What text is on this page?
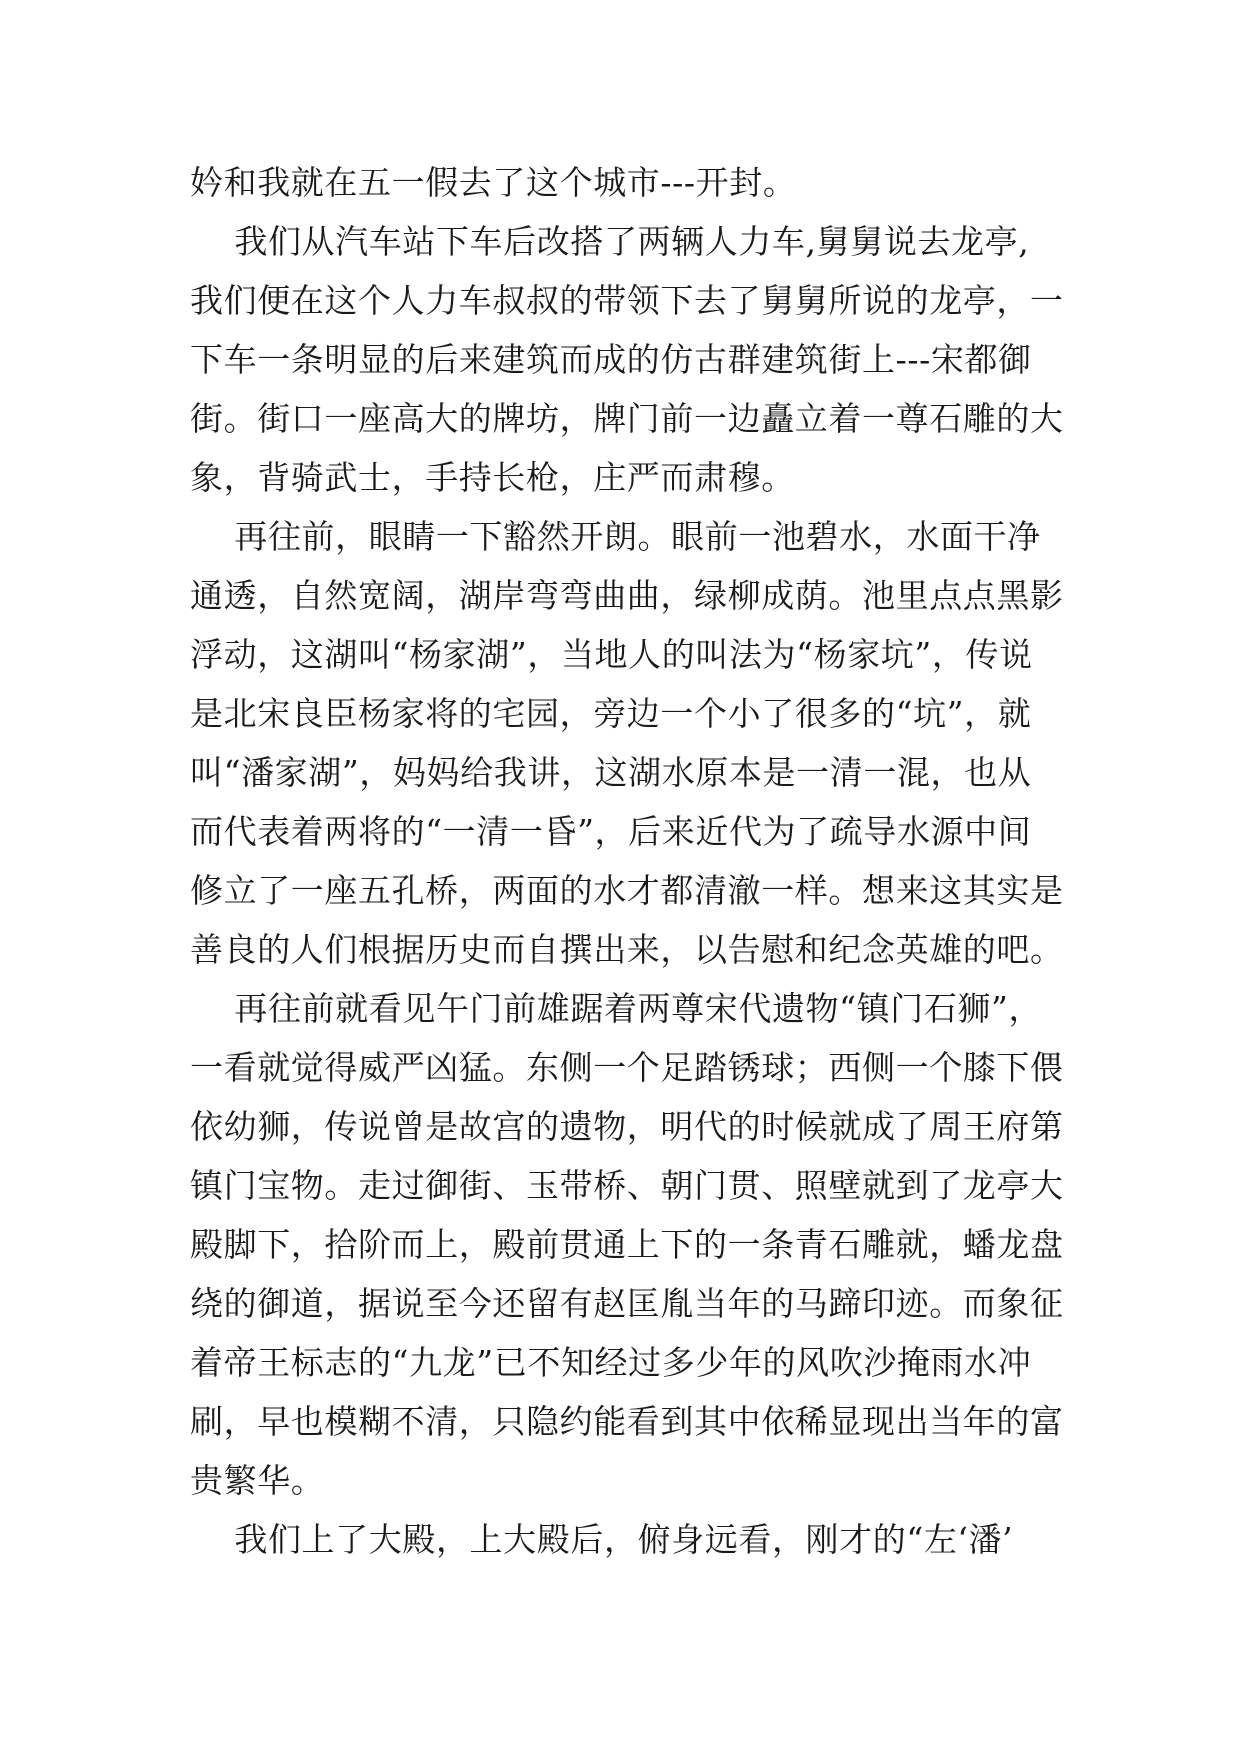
妗和我就在五一假去了这个城市---开封。

我们从汽车站下车后改搭了两辆人力车,舅舅说去龙亭,

我们便在这个人力车叔叔的带领下去了舅舅所说的龙亭，一

下车一条明显的后来建筑而成的仿古群建筑街上---宋都御

街。街口一座高大的牌坊，牌门前一边矗立着一尊石雕的大

象，背骑武士，手持长枪，庄严而肃穆。

再往前，眼睛一下豁然开朗。眼前一池碧水，水面干净

通透，自然宽阔，湖岸弯弯曲曲，绿柳成荫。池里点点黑影

浮动，这湖叫“杨家湖”，当地人的叫法为“杨家坑”，传说

是北宋良臣杨家将的宅园，旁边一个小了很多的“坑”，就

叫“潘家湖”，妈妈给我讲，这湖水原本是一清一混，也从

而代表着两将的“一清一昏”，后来近代为了疏导水源中间

修立了一座五孔桥，两面的水才都清澈一样。想来这其实是

善良的人们根据历史而自撰出来，以告慰和纪念英雄的吧。

再往前就看见午门前雄踞着两尊宋代遗物“镇门石狮”，

一看就觉得威严凶猛。东侧一个足踏锈球；西侧一个膝下偎

依幼狮，传说曾是故宫的遗物，明代的时候就成了周王府第

镇门宝物。走过御街、玉带桥、朝门贯、照壁就到了龙亭大

殿脚下，拾阶而上，殿前贯通上下的一条青石雕就，蟠龙盘

绕的御道，据说至今还留有赵匡胤当年的马蹄印迹。而象征

着帝王标志的“九龙”已不知经过多少年的风吹沙掩雨水冲

刷，早也模糊不清，只隐约能看到其中依稀显现出当年的富

贵繁华。

我们上了大殿，上大殿后，俯身远看，刚才的“左‘潘’
